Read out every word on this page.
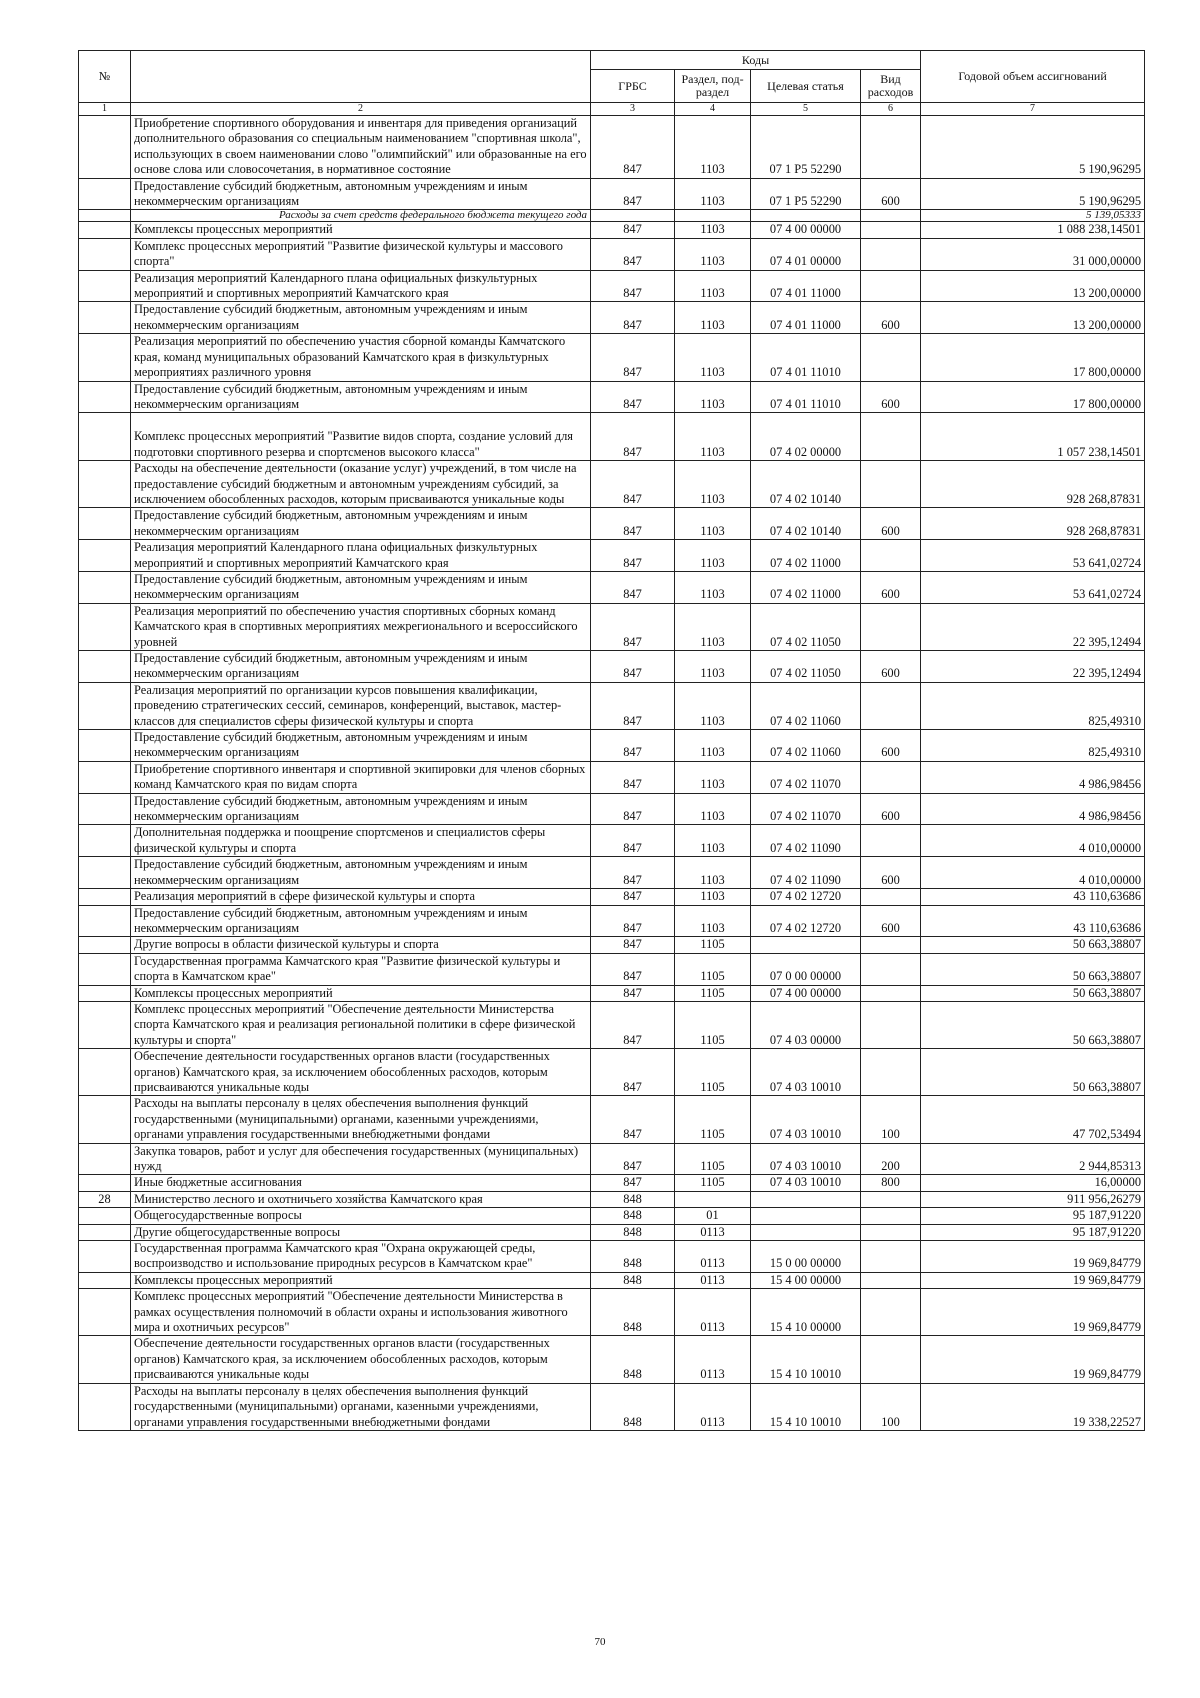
№		Коды				Годовой объем ассигнований
		ГРБС	Раздел, под-раздел	Целевая статья	Вид расходов	
1	2	3	4	5	6	7
	Приобретение спортивного оборудования и инвентаря для приведения организаций дополнительного образования со специальным наименованием "спортивная школа", использующих в своем наименовании слово "олимпийский" или образованные на его основе слова или словосочетания, в нормативное состояние	847	1103	07 1 Р5 52290		5 190,96295
	Предоставление субсидий бюджетным, автономным учреждениям и иным некоммерческим организациям	847	1103	07 1 Р5 52290	600	5 190,96295
	Расходы за счет средств федерального бюджета текущего года					5 139,05333
	Комплексы процессных мероприятий	847	1103	07 4 00 00000		1 088 238,14501
	Комплекс процессных мероприятий "Развитие физической культуры и массового спорта"	847	1103	07 4 01 00000		31 000,00000
	Реализация мероприятий Календарного плана официальных физкультурных мероприятий и спортивных мероприятий Камчатского края	847	1103	07 4 01 11000		13 200,00000
	Предоставление субсидий бюджетным, автономным учреждениям и иным некоммерческим организациям	847	1103	07 4 01 11000	600	13 200,00000
	Реализация мероприятий по обеспечению участия сборной команды Камчатского края, команд муниципальных образований Камчатского края в физкультурных мероприятиях различного уровня	847	1103	07 4 01 11010		17 800,00000
	Предоставление субсидий бюджетным, автономным учреждениям и иным некоммерческим организациям	847	1103	07 4 01 11010	600	17 800,00000
	Комплекс процессных мероприятий "Развитие видов спорта, создание условий для подготовки спортивного резерва и спортсменов высокого класса"	847	1103	07 4 02 00000		1 057 238,14501
	Расходы на обеспечение деятельности (оказание услуг) учреждений, в том числе на предоставление субсидий бюджетным и автономным учреждениям субсидий, за исключением обособленных расходов, которым присваиваются уникальные коды	847	1103	07 4 02 10140		928 268,87831
	Предоставление субсидий бюджетным, автономным учреждениям и иным некоммерческим организациям	847	1103	07 4 02 10140	600	928 268,87831
	Реализация мероприятий Календарного плана официальных физкультурных мероприятий и спортивных мероприятий Камчатского края	847	1103	07 4 02 11000		53 641,02724
	Предоставление субсидий бюджетным, автономным учреждениям и иным некоммерческим организациям	847	1103	07 4 02 11000	600	53 641,02724
	Реализация мероприятий по обеспечению участия спортивных сборных команд Камчатского края в спортивных мероприятиях межрегионального и всероссийского уровней	847	1103	07 4 02 11050		22 395,12494
	Предоставление субсидий бюджетным, автономным учреждениям и иным некоммерческим организациям	847	1103	07 4 02 11050	600	22 395,12494
	Реализация мероприятий по организации курсов повышения квалификации, проведению стратегических сессий, семинаров, конференций, выставок, мастер-классов для специалистов сферы физической культуры и спорта	847	1103	07 4 02 11060		825,49310
	Предоставление субсидий бюджетным, автономным учреждениям и иным некоммерческим организациям	847	1103	07 4 02 11060	600	825,49310
	Приобретение спортивного инвентаря и спортивной экипировки для членов сборных команд Камчатского края по видам спорта	847	1103	07 4 02 11070		4 986,98456
	Предоставление субсидий бюджетным, автономным учреждениям и иным некоммерческим организациям	847	1103	07 4 02 11070	600	4 986,98456
	Дополнительная поддержка и поощрение спортсменов и специалистов сферы физической культуры и спорта	847	1103	07 4 02 11090		4 010,00000
	Предоставление субсидий бюджетным, автономным учреждениям и иным некоммерческим организациям	847	1103	07 4 02 11090	600	4 010,00000
	Реализация мероприятий в сфере физической культуры и спорта	847	1103	07 4 02 12720		43 110,63686
	Предоставление субсидий бюджетным, автономным учреждениям и иным некоммерческим организациям	847	1103	07 4 02 12720	600	43 110,63686
	Другие вопросы в области физической культуры и спорта	847	1105			50 663,38807
	Государственная программа Камчатского края "Развитие физической культуры и спорта в Камчатском крае"	847	1105	07 0 00 00000		50 663,38807
	Комплексы процессных мероприятий	847	1105	07 4 00 00000		50 663,38807
	Комплекс процессных мероприятий "Обеспечение деятельности Министерства спорта Камчатского края и реализация региональной политики в сфере физической культуры и спорта"	847	1105	07 4 03 00000		50 663,38807
	Обеспечение деятельности государственных органов власти (государственных органов) Камчатского края, за исключением обособленных расходов, которым присваиваются уникальные коды	847	1105	07 4 03 10010		50 663,38807
	Расходы на выплаты персоналу в целях обеспечения выполнения функций государственными (муниципальными) органами, казенными учреждениями, органами управления государственными внебюджетными фондами	847	1105	07 4 03 10010	100	47 702,53494
	Закупка товаров, работ и услуг для обеспечения государственных (муниципальных) нужд	847	1105	07 4 03 10010	200	2 944,85313
	Иные бюджетные ассигнования	847	1105	07 4 03 10010	800	16,00000
28	Министерство лесного и охотничьего хозяйства Камчатского края	848				911 956,26279
	Общегосударственные вопросы	848	01			95 187,91220
	Другие общегосударственные вопросы	848	0113			95 187,91220
	Государственная программа Камчатского края "Охрана окружающей среды, воспроизводство и использование природных ресурсов в Камчатском крае"	848	0113	15 0 00 00000		19 969,84779
	Комплексы процессных мероприятий	848	0113	15 4 00 00000		19 969,84779
	Комплекс процессных мероприятий "Обеспечение деятельности Министерства в рамках осуществления полномочий в области охраны и использования животного мира и охотничьих ресурсов"	848	0113	15 4 10 00000		19 969,84779
	Обеспечение деятельности государственных органов власти (государственных органов) Камчатского края, за исключением обособленных расходов, которым присваиваются уникальные коды	848	0113	15 4 10 10010		19 969,84779
	Расходы на выплаты персоналу в целях обеспечения выполнения функций государственными (муниципальными) органами, казенными учреждениями, органами управления государственными внебюджетными фондами	848	0113	15 4 10 10010	100	19 338,22527
70
